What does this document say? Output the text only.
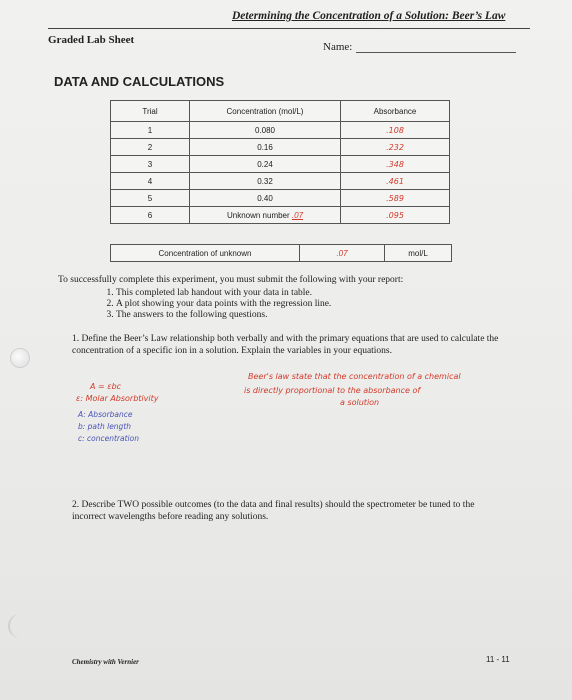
Determining the Concentration of a Solution: Beer’s Law
Graded Lab Sheet
Name:
DATA AND CALCULATIONS
Trial	Concentration (mol/L)	Absorbance
1	0.080	.108
2	0.16	.232
3	0.24	.348
4	0.32	.461
5	0.40	.589
6	Unknown number .07	.095
Concentration of unknown	.07	mol/L
To successfully complete this experiment, you must submit the following with your report:
1. This completed lab handout with your data in table.
2. A plot showing your data points with the regression line.
3. The answers to the following questions.
1. Define the Beer’s Law relationship both verbally and with the primary equations that are used to calculate the concentration of a specific ion in a solution. Explain the variables in your equations.
A = εbc
ε: Molar Absorbtivity
Beer's law state that the concentration of a chemical
is directly proportional to the absorbance of
a solution
A: Absorbance
b: path length
c: concentration
2. Describe TWO possible outcomes (to the data and final results) should the spectrometer be tuned to the incorrect wavelengths before reading any solutions.
Chemistry with Vernier	11 - 11
